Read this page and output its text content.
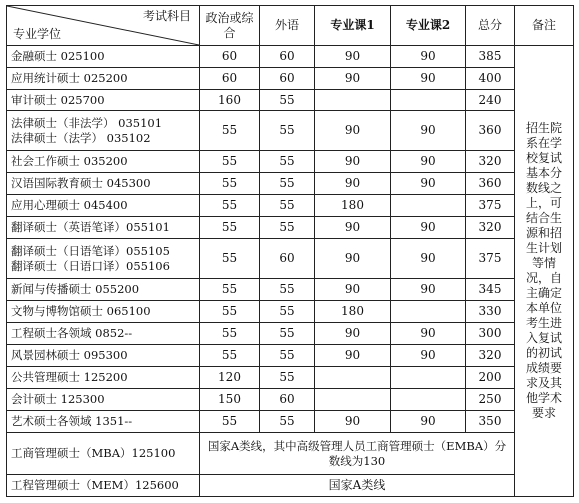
考试科目
专业学位	政治或综合	外语	专业课1	专业课2	总分	备注
金融硕士 025100	60	60	90	90	385	招生院系在学校复试基本分数线之上，可结合生源和招生计划等情况，自主确定本单位考生进入复试的初试成绩要求及其他学术要求
应用统计硕士 025200	60	60	90	90	400	
审计硕士 025700	160	55			240	

法律硕士（非法学） 035101
法律硕士（法学） 035102	55	55	90	90	360	
社会工作硕士 035200	55	55	90	90	320	
汉语国际教育硕士 045300	55	55	90	90	360	
应用心理硕士 045400	55	55	180		375	
翻译硕士（英语笔译）055101	55	55	90	90	320	

翻译硕士（日语笔译）055105
翻译硕士（日语口译）055106	55	60	90	90	375	
新闻与传播硕士 055200	55	55	90	90	345	
文物与博物馆硕士 065100	55	55	180		330	
工程硕士各领域 0852--	55	55	90	90	300	
风景园林硕士 095300	55	55	90	90	320	
公共管理硕士 125200	120	55			200	
会计硕士 125300	150	60			250	
艺术硕士各领域 1351--	55	55	90	90	350	
工商管理硕士（MBA）125100	国家A类线，其中高级管理人员工商管理硕士（EMBA）分数线为130					
工程管理硕士（MEM）125600	国家A类线					
